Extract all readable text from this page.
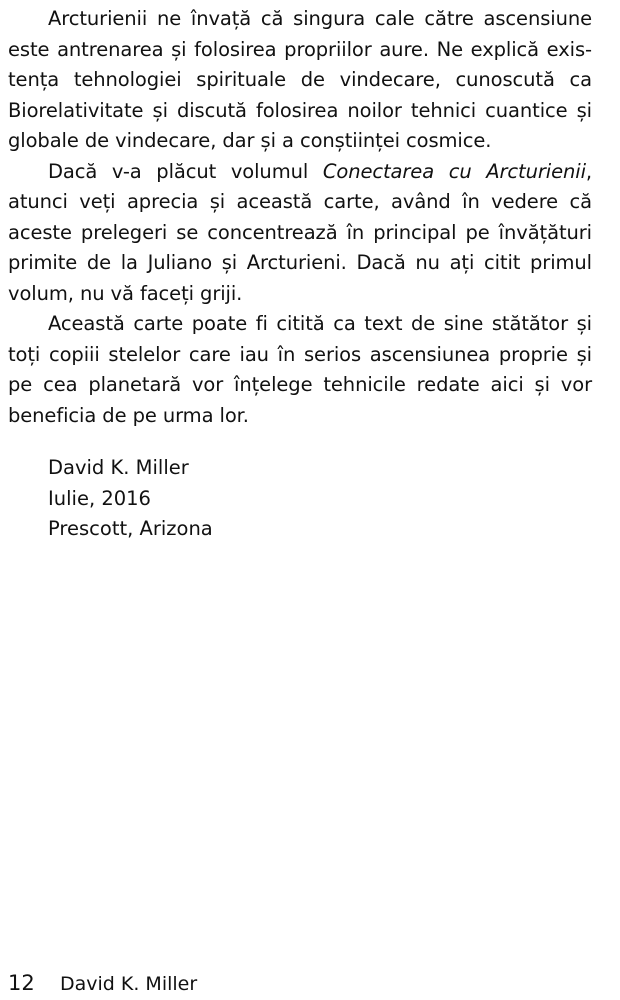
Arcturienii ne învață că singura cale către ascensiune
este antrenarea și folosirea propriilor aure. Ne explică exis-
tența tehnologiei spirituale de vindecare, cunoscută ca
Biorelativitate și discută folosirea noilor tehnici cuantice și
globale de vindecare, dar și a conștiinței cosmice.

Dacă v-a plăcut volumul Conectarea cu Arcturienii,
atunci veți aprecia și această carte, având în vedere că
aceste prelegeri se concentrează în principal pe învățături
primite de la Juliano și Arcturieni. Dacă nu ați citit primul
volum, nu vă faceți griji.

Această carte poate fi citită ca text de sine stătător și
toți copiii stelelor care iau în serios ascensiunea proprie și
pe cea planetară vor înțelege tehnicile redate aici și vor
beneficia de pe urma lor.

David K. Miller
Iulie, 2016
Prescott, Arizona
12 David K. Miller
